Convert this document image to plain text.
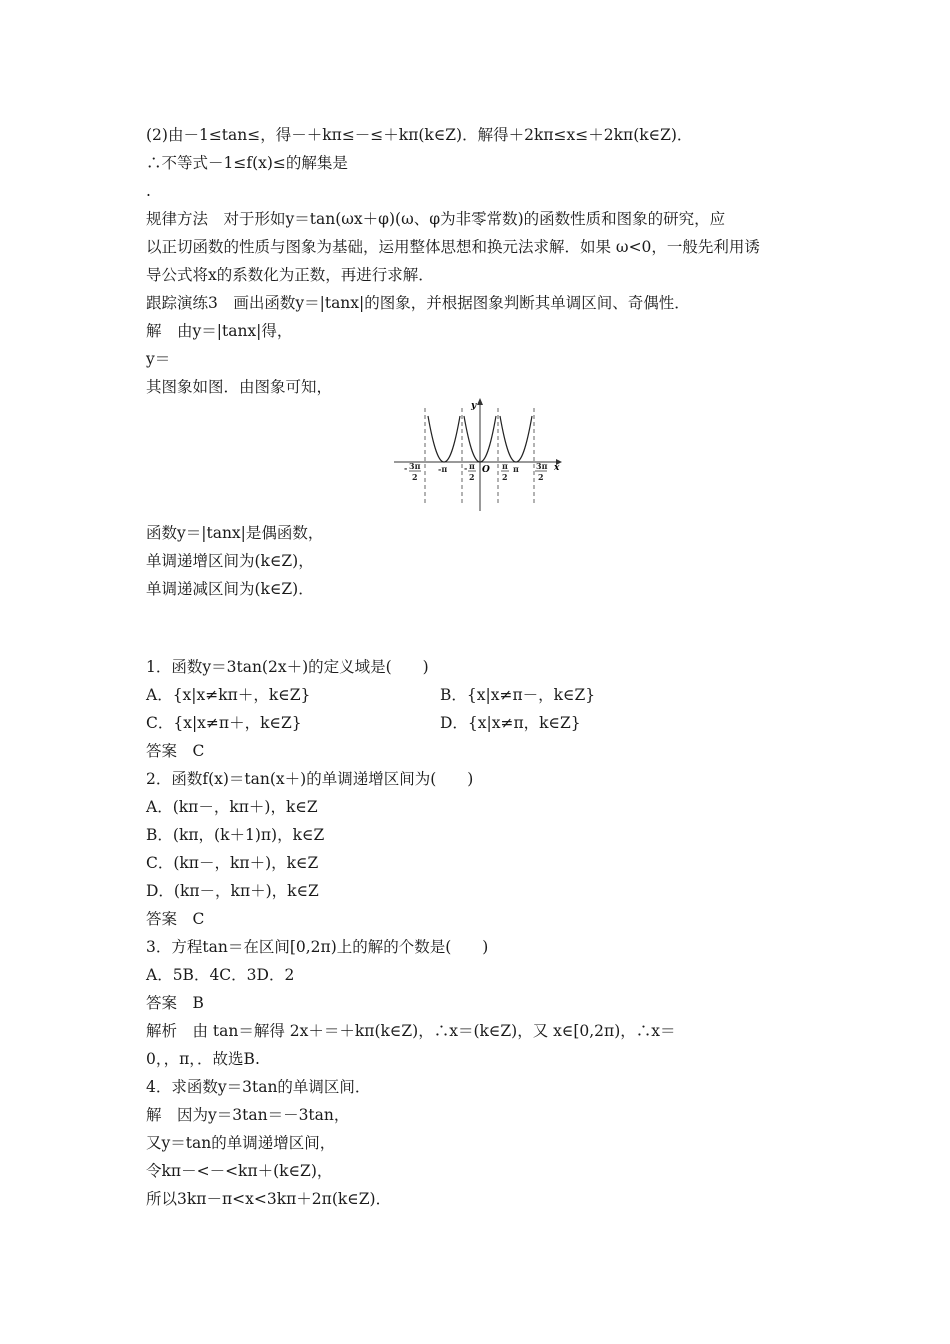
(2)由－1≤tan≤，得－＋kπ≤－≤＋kπ(k∈Z)．解得＋2kπ≤x≤＋2kπ(k∈Z)．
∴不等式－1≤f(x)≤的解集是
.
规律方法　对于形如y＝tan(ωx＋φ)(ω、φ为非零常数)的函数性质和图象的研究，应
以正切函数的性质与图象为基础，运用整体思想和换元法求解．如果 ω<0，一般先利用诱
导公式将x的系数化为正数，再进行求解．
跟踪演练3　画出函数y＝|tanx|的图象，并根据图象判断其单调区间、奇偶性．
解　由y＝|tanx|得，
y＝
其图象如图．由图象可知，
y
x
O
- 3π
2
-π - π
2
π
2
π 3π
2
函数y＝|tanx|是偶函数，
单调递增区间为(k∈Z)，
单调递减区间为(k∈Z)．
1．函数y＝3tan(2x＋)的定义域是(　　)
A．{x|x≠kπ＋，k∈Z}	B．{x|x≠π－，k∈Z}
C．{x|x≠π＋，k∈Z}	D．{x|x≠π，k∈Z}
答案　C
2．函数f(x)＝tan(x＋)的单调递增区间为(　　)
A．(kπ－，kπ＋)，k∈Z
B．(kπ，(k＋1)π)，k∈Z
C．(kπ－，kπ＋)，k∈Z
D．(kπ－，kπ＋)，k∈Z
答案　C
3．方程tan＝在区间[0,2π)上的解的个数是(　　)
A．5B．4C．3D．2
答案　B
解析　由 tan＝解得 2x＋＝＋kπ(k∈Z)，∴x＝(k∈Z)，又 x∈[0,2π)，∴x＝
0，，π，．故选B.
4．求函数y＝3tan的单调区间．
解　因为y＝3tan＝－3tan，
又y＝tan的单调递增区间，
令kπ－<－<kπ＋(k∈Z)，
所以3kπ－π<x<3kπ＋2π(k∈Z)．
